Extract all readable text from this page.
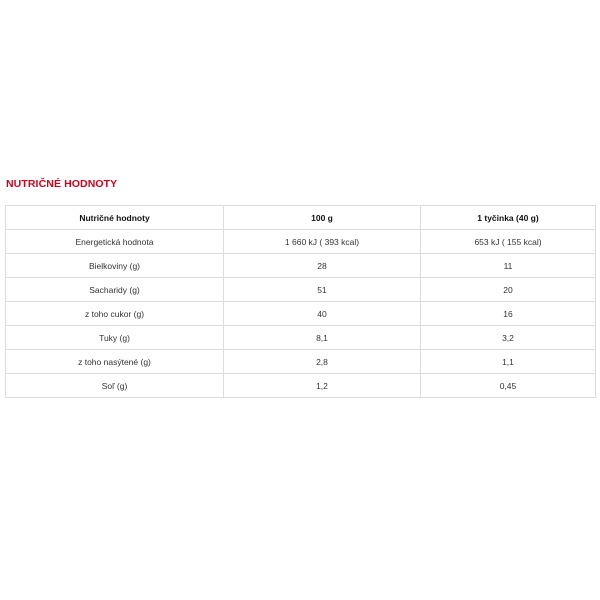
NUTRIČNÉ HODNOTY
Nutričné hodnoty	100 g	1 tyčinka (40 g)
Energetická hodnota	1 660 kJ ( 393 kcal)	653 kJ ( 155 kcal)
Bielkoviny (g)	28	11
Sacharidy (g)	51	20
z toho cukor (g)	40	16
Tuky (g)	8,1	3,2
z toho nasýtené (g)	2,8	1,1
Soľ (g)	1,2	0,45
